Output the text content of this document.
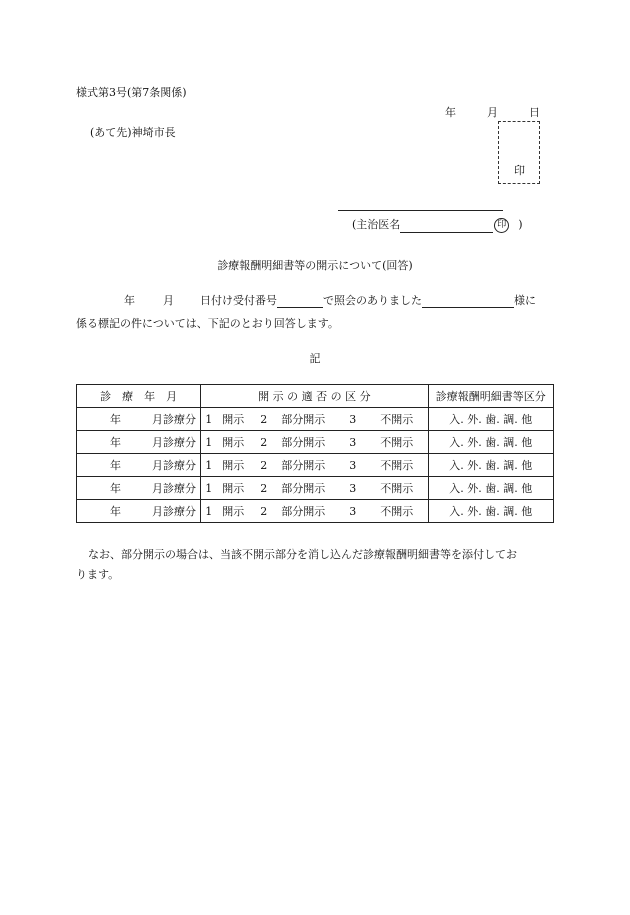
様式第3号(第7条関係)
年	月	日
(あて先)神埼市長
印
(主治医名	印 )
診療報酬明細書等の開示について(回答)
年	月 日付け受付番号	で照会のありました	様に
係る標記の件については、下記のとおり回答します。
記
診　療　年　月	開 示 の 適 否 の 区 分	診療報酬明細書等区分
年 月診療分	1 開示 2 部分開示 3 不開示	入. 外. 歯. 調. 他
年 月診療分	1 開示 2 部分開示 3 不開示	入. 外. 歯. 調. 他
年 月診療分	1 開示 2 部分開示 3 不開示	入. 外. 歯. 調. 他
年 月診療分	1 開示 2 部分開示 3 不開示	入. 外. 歯. 調. 他
年 月診療分	1 開示 2 部分開示 3 不開示	入. 外. 歯. 調. 他
なお、部分開示の場合は、当該不開示部分を消し込んだ診療報酬明細書等を添付してお
ります。
